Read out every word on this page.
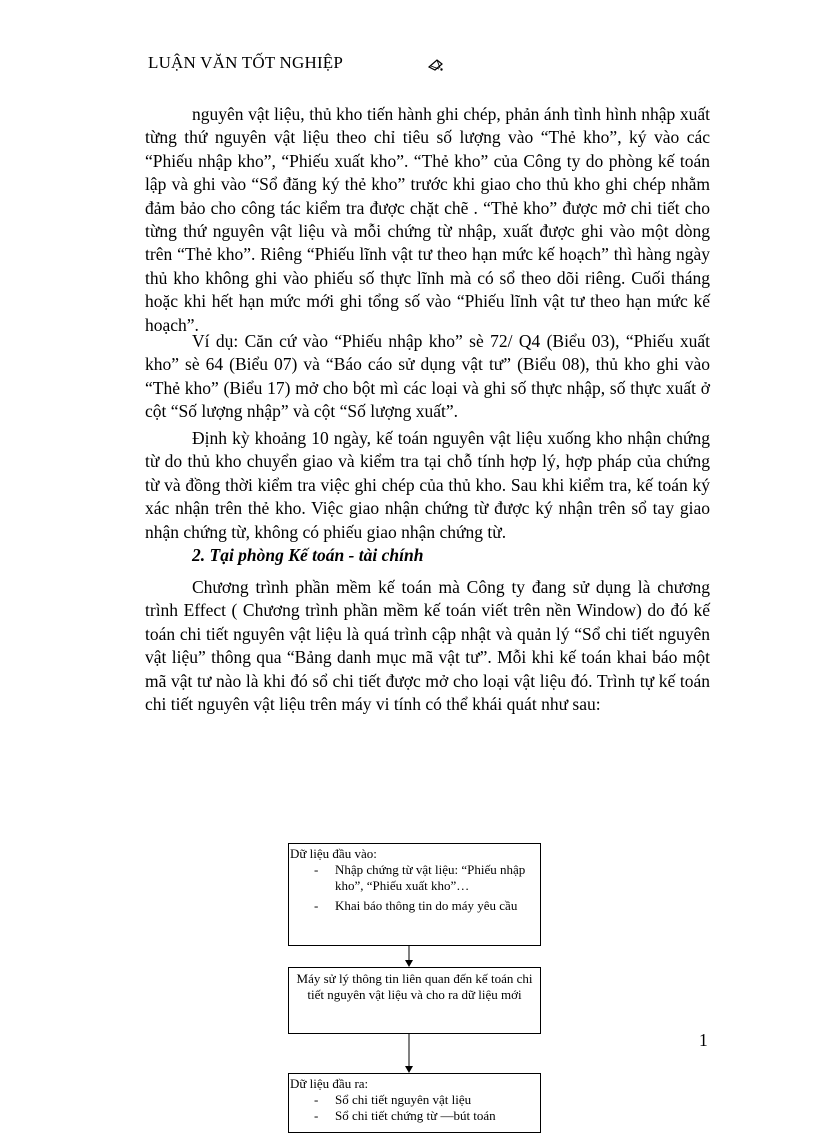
LUẬN VĂN TỐT NGHIỆP

nguyên vật liệu, thủ kho tiến hành ghi chép, phản ánh tình hình nhập xuất từng thứ nguyên vật liệu theo chỉ tiêu số lượng vào “Thẻ kho”, ký vào các “Phiếu nhập kho”, “Phiếu xuất kho”. “Thẻ kho” của Công ty do phòng kế toán lập và ghi vào “Sổ đăng ký thẻ kho” trước khi giao cho thủ kho ghi chép nhằm đảm bảo cho công tác kiểm tra được chặt chẽ . “Thẻ kho” được mở chi tiết cho từng thứ nguyên vật liệu và mỗi chứng từ nhập, xuất được ghi vào một dòng trên “Thẻ kho”. Riêng “Phiếu lĩnh vật tư theo hạn mức kế hoạch” thì hàng ngày thủ kho không ghi vào phiếu số thực lĩnh mà có sổ theo dõi riêng. Cuối tháng hoặc khi hết hạn mức mới ghi tổng số vào “Phiếu lĩnh vật tư theo hạn mức kế hoạch”.

Ví dụ: Căn cứ vào “Phiếu nhập kho” sè 72/ Q4 (Biểu 03), “Phiếu xuất kho” sè 64 (Biểu 07) và “Báo cáo sử dụng vật tư” (Biểu 08), thủ kho ghi vào “Thẻ kho” (Biểu 17) mở cho bột mì các loại và ghi số thực nhập, số thực xuất ở cột “Số lượng nhập” và cột “Số lượng xuất”.

Định kỳ khoảng 10 ngày, kế toán nguyên vật liệu xuống kho nhận chứng từ do thủ kho chuyển giao và kiểm tra tại chỗ tính hợp lý, hợp pháp của chứng từ và đồng thời kiểm tra việc ghi chép của thủ kho. Sau khi kiểm tra, kế toán ký xác nhận trên thẻ kho. Việc giao nhận chứng từ được ký nhận trên sổ tay giao nhận chứng từ, không có phiếu giao nhận chứng từ.

2. Tại phòng Kế toán - tài chính

Chương trình phần mềm kế toán mà Công ty đang sử dụng là chương trình Effect ( Chương trình phần mềm kế toán viết trên nền Window) do đó kế toán chi tiết nguyên vật liệu là quá trình cập nhật và quản lý “Sổ chi tiết nguyên vật liệu” thông qua “Bảng danh mục mã vật tư”. Mỗi khi kế toán khai báo một mã vật tư nào là khi đó sổ chi tiết được mở cho loại vật liệu đó. Trình tự kế toán chi tiết nguyên vật liệu trên máy vi tính có thể khái quát như sau:

Dữ liệu đầu vào:
- Nhập chứng từ vật liệu: “Phiếu nhập kho”, “Phiếu xuất kho”…
- Khai báo thông tin do máy yêu cầu
Máy sử lý thông tin liên quan đến kế toán chi tiết nguyên vật liệu và cho ra dữ liệu mới
Dữ liệu đầu ra:
- Sổ chi tiết nguyên vật liệu
- Sổ chi tiết chứng từ —bút toán
1
